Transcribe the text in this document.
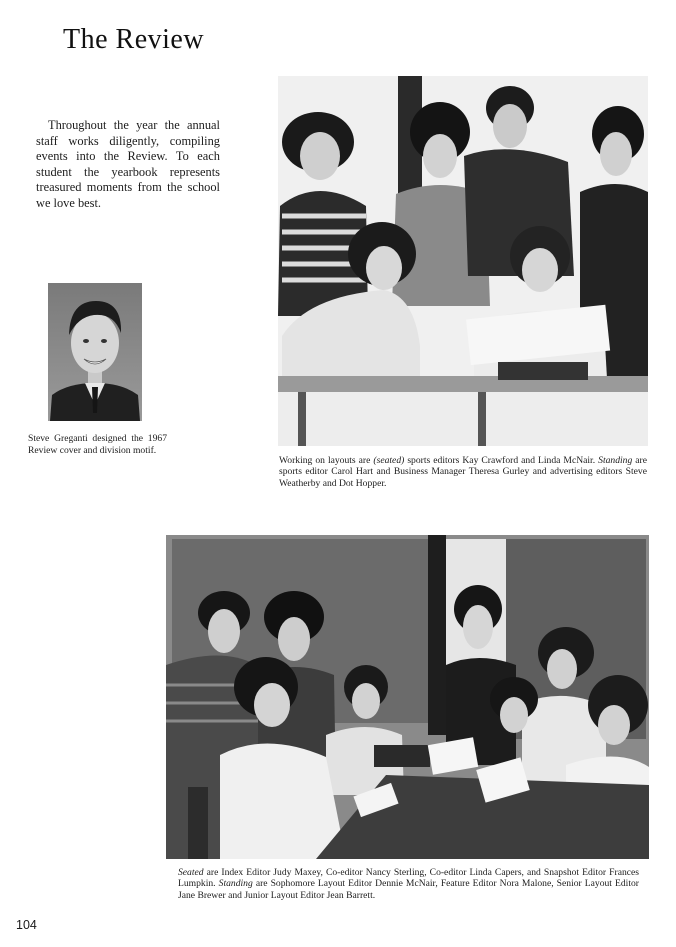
The Review
Throughout the year the annual staff works diligently, compiling events into the Review. To each student the yearbook represents treasured moments from the school we love best.
Steve Greganti designed the 1967 Review cover and division motif.
Working on layouts are (seated) sports editors Kay Crawford and Linda McNair. Standing are sports editor Carol Hart and Business Manager Theresa Gurley and advertising editors Steve Weatherby and Dot Hopper.
Seated are Index Editor Judy Maxey, Co-editor Nancy Sterling, Co-editor Linda Capers, and Snapshot Editor Frances Lumpkin. Standing are Sophomore Layout Editor Dennie McNair, Feature Editor Nora Malone, Senior Layout Editor Jane Brewer and Junior Layout Editor Jean Barrett.
104
